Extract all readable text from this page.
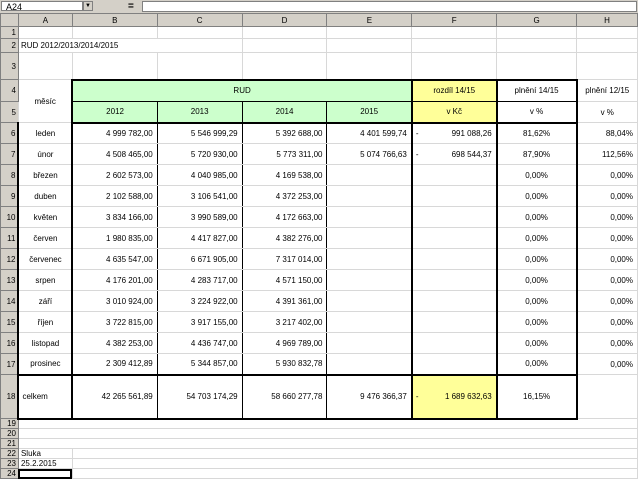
A24	▼	=
	A	B	C	D	E	F	G	H
1								
2	RUD 2012/2013/2014/2015							
3								
4	měsíc	RUD				rozdíl 14/15	plnění 14/15	plnění 12/15
5		2012	2013	2014	2015	v Kč	v %	v %
6	leden	4 999 782,00	5 546 999,29	5 392 688,00	4 401 599,74	- 991 088,26	81,62%	88,04%
7	únor	4 508 465,00	5 720 930,00	5 773 311,00	5 074 766,63	- 698 544,37	87,90%	112,56%
8	březen	2 602 573,00	4 040 985,00	4 169 538,00			0,00%	0,00%
9	duben	2 102 588,00	3 106 541,00	4 372 253,00			0,00%	0,00%
10	květen	3 834 166,00	3 990 589,00	4 172 663,00			0,00%	0,00%
11	červen	1 980 835,00	4 417 827,00	4 382 276,00			0,00%	0,00%
12	červenec	4 635 547,00	6 671 905,00	7 317 014,00			0,00%	0,00%
13	srpen	4 176 201,00	4 283 717,00	4 571 150,00			0,00%	0,00%
14	září	3 010 924,00	3 224 922,00	4 391 361,00			0,00%	0,00%
15	říjen	3 722 815,00	3 917 155,00	3 217 402,00			0,00%	0,00%
16	listopad	4 382 253,00	4 436 747,00	4 969 789,00			0,00%	0,00%
17	prosinec	2 309 412,89	5 344 857,00	5 930 832,78			0,00%	0,00%
18	celkem	42 265 561,89	54 703 174,29	58 660 277,78	9 476 366,37	- 1 689 632,63	16,15%	
19								
20								
21								
22	Sluka							
23	25.2.2015							
24								
